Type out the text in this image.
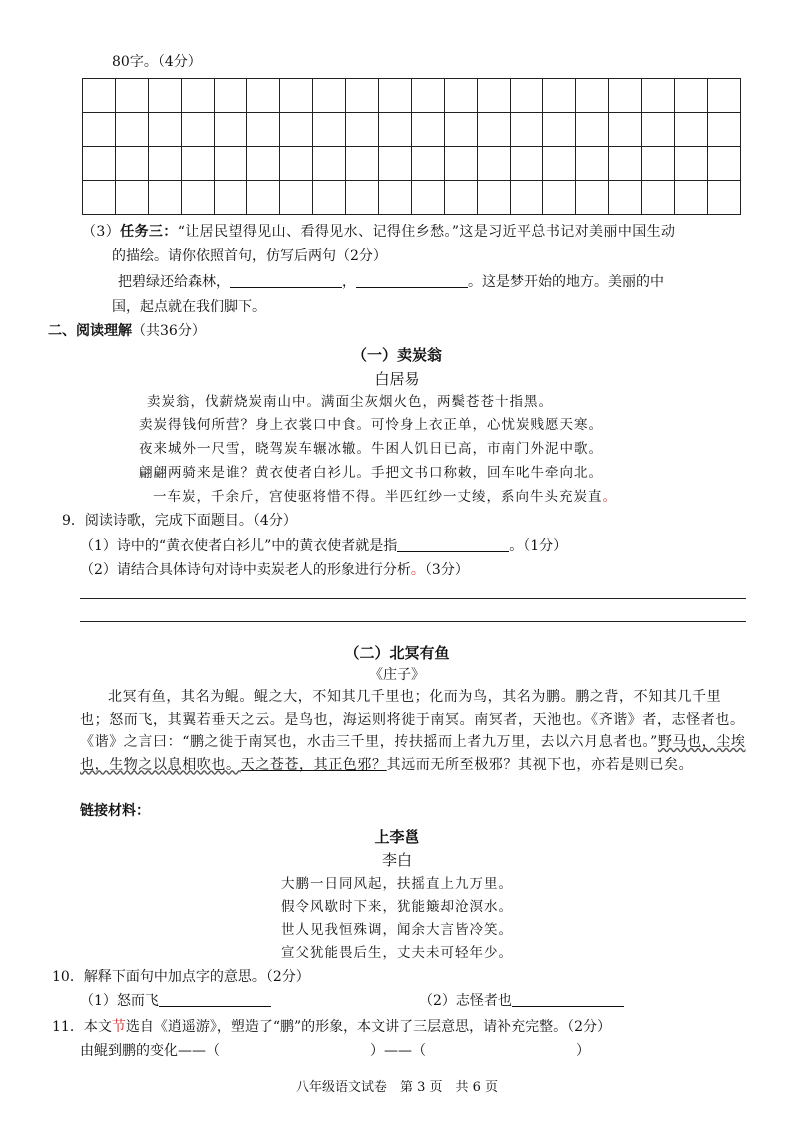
80字。（4分）

（3）任务三：“让居民望得见山、看得见水、记得住乡愁。”这是习近平总书记对美丽中国生动
的描绘。请你依照首句，仿写后两句（2分）
把碧绿还给森林，	，	。这是梦开始的地方。美丽的中
国，起点就在我们脚下。
二、阅读理解（共36分）
（一）卖炭翁
白居易
卖炭翁，伐薪烧炭南山中。满面尘灰烟火色，两鬓苍苍十指黑。
卖炭得钱何所营？身上衣裳口中食。可怜身上衣正单，心忧炭贱愿天寒。
夜来城外一尺雪，晓驾炭车辗冰辙。牛困人饥日已高，市南门外泥中歌。
翩翩两骑来是谁？黄衣使者白衫儿。手把文书口称敕，回车叱牛牵向北。
一车炭，千余斤，宫使驱将惜不得。半匹红纱一丈绫，系向牛头充炭直。
9．阅读诗歌，完成下面题目。（4分）
（1）诗中的“黄衣使者白衫儿”中的黄衣使者就是指	。（1分）
（2）请结合具体诗句对诗中卖炭老人的形象进行分析。（3分）
（二）北冥有鱼
《庄子》
北冥有鱼，其名为鲲。鲲之大，不知其几千里也；化而为鸟，其名为鹏。鹏之背，不知其几千里也；怒而飞，其翼若垂天之云。是鸟也，海运则将徙于南冥。南冥者，天池也。《齐谐》者，志怪者也。《谐》之言曰：“鹏之徙于南冥也，水击三千里，抟扶摇而上者九万里，去以六月息者也。”野马也，尘埃也，生物之以息相吹也。天之苍苍，其正色邪？其远而无所至极邪？其视下也，亦若是则已矣。
链接材料：
上李邕
李白
大鹏一日同风起，扶摇直上九万里。
假令风歇时下来，犹能簸却沧溟水。
世人见我恒殊调，闻余大言皆冷笑。
宣父犹能畏后生，丈夫未可轻年少。
10．解释下面句中加点字的意思。（2分）
（1）怒而飞	（2）志怪者也
11．本文节选自《逍遥游》，塑造了“鹏”的形象，本文讲了三层意思，请补充完整。（2分）
由鲲到鹏的变化——（	）——（	）
八年级语文试卷　第 3 页　共 6 页
